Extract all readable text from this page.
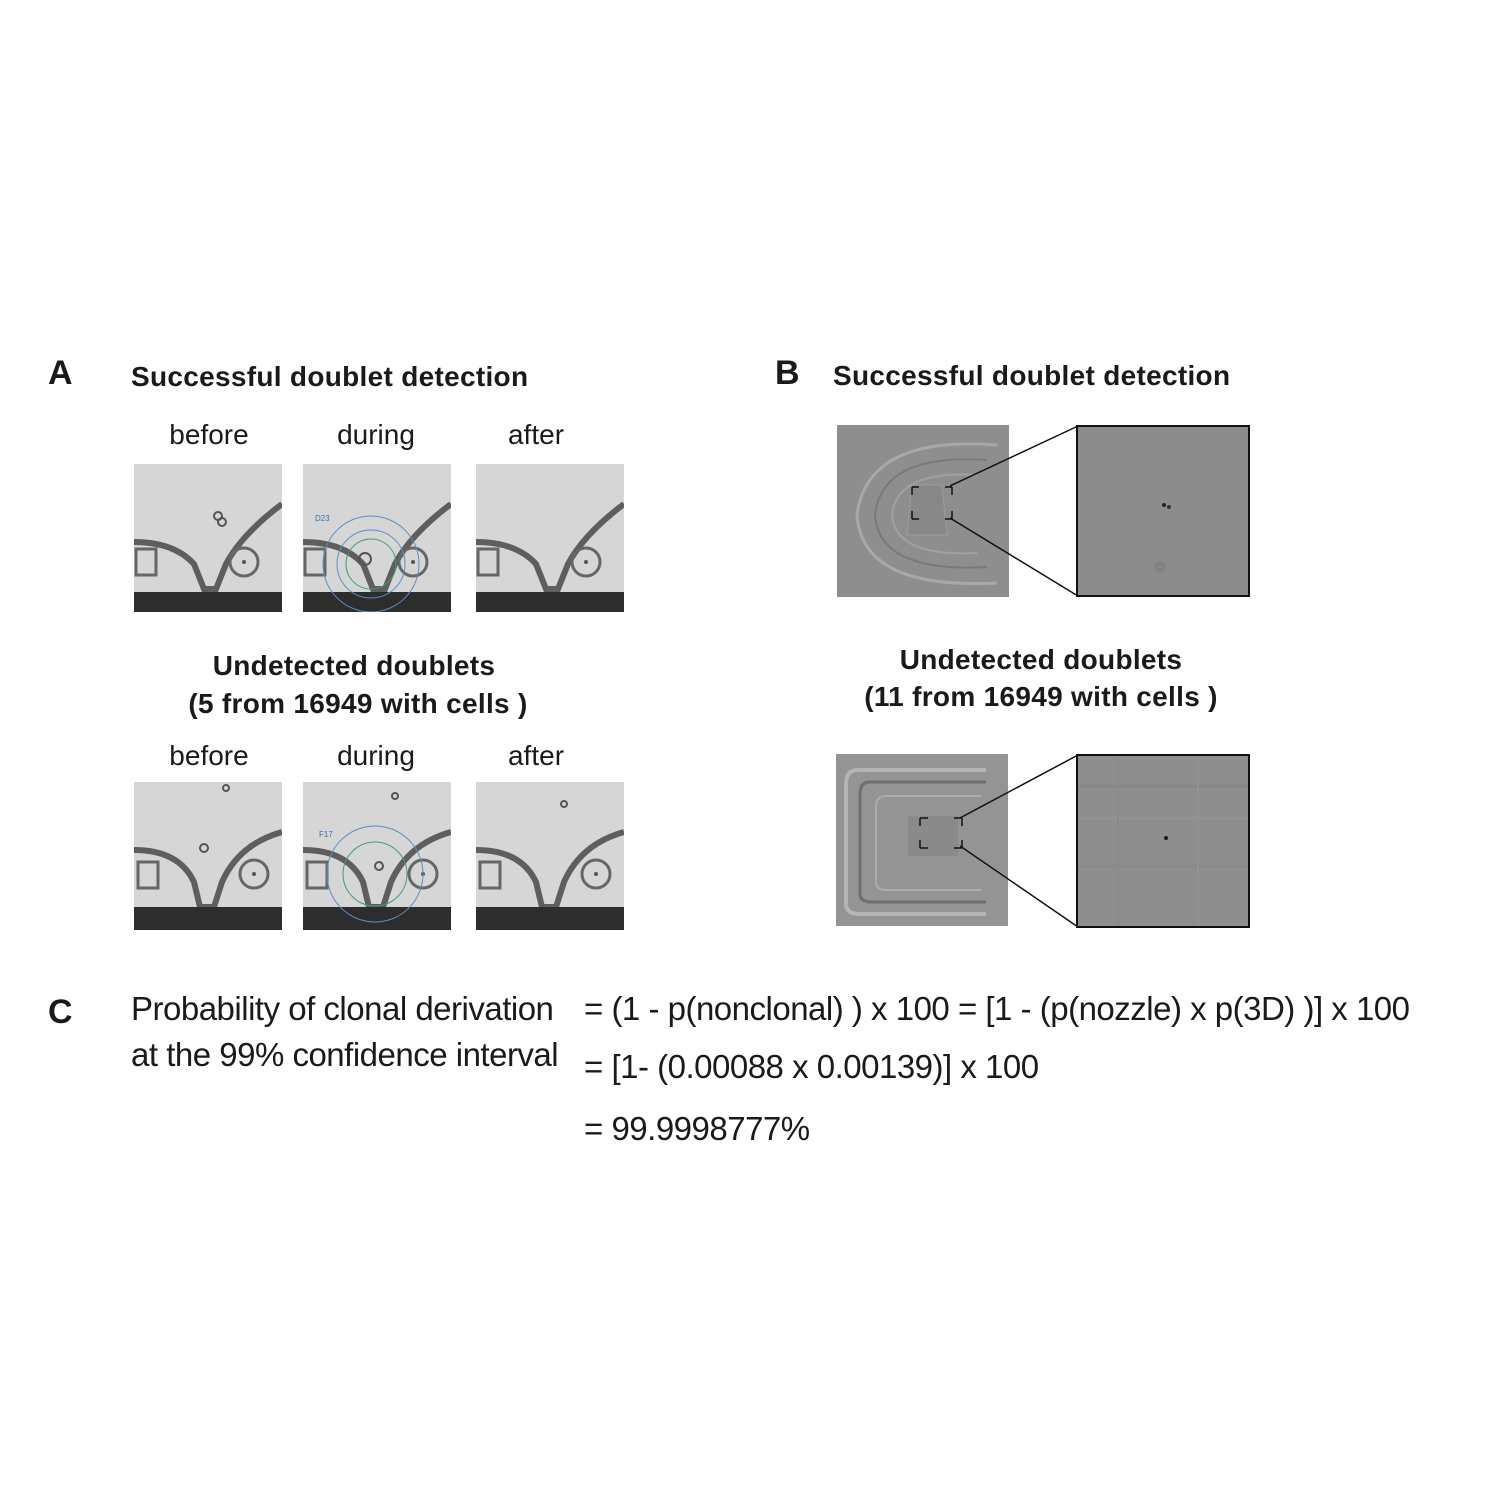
A Successful doublet detection
before	during	after
D23
Undetected doublets
(5 from 16949 with cells )
before	during	after
F17
B Successful doublet detection
Undetected doublets
(11 from 16949 with cells )
C Probability of clonal derivation
at the 99% confidence interval
= (1 - p(nonclonal) ) x 100 = [1 - (p(nozzle) x p(3D) )] x 100
= [1- (0.00088 x 0.00139)] x 100
= 99.9998777%
